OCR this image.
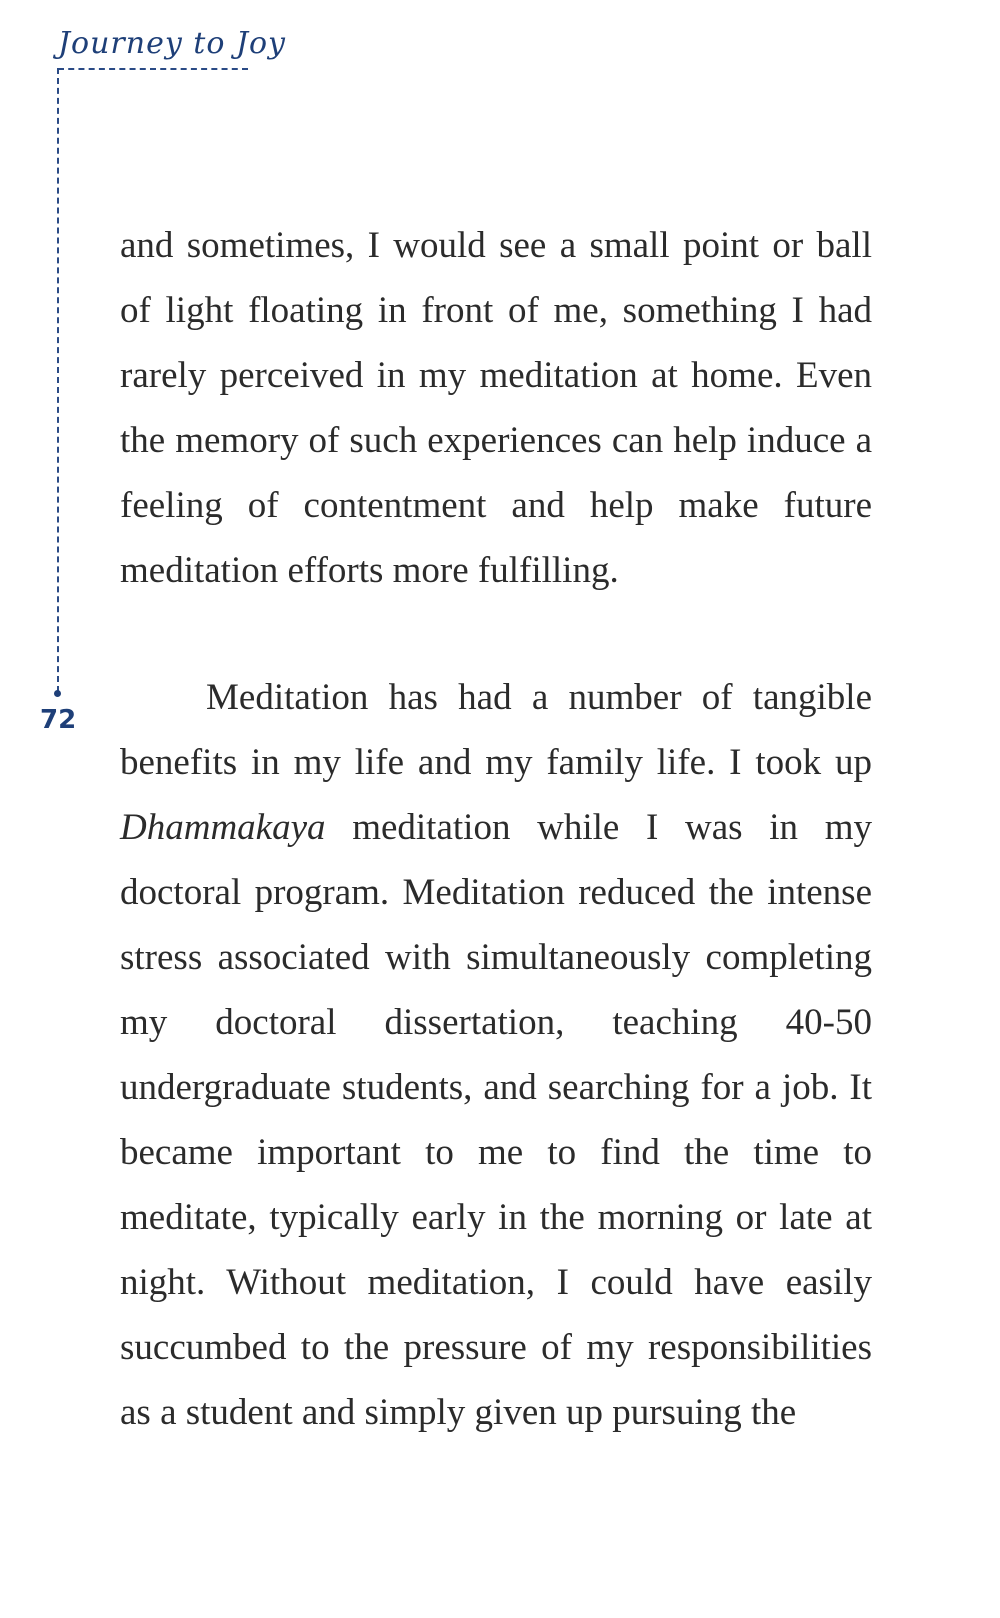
Journey to Joy
72

and sometimes, I would see a small point or ball of light floating in front of me, something I had rarely perceived in my meditation at home. Even the memory of such experiences can help induce a feeling of contentment and help make future meditation efforts more fulfilling.

Meditation has had a number of tangible benefits in my life and my family life. I took up Dhammakaya meditation while I was in my doctoral program. Meditation reduced the intense stress associated with simultaneously completing my doctoral dissertation, teaching 40-50 undergraduate students, and searching for a job. It became important to me to find the time to meditate, typically early in the morning or late at night. Without meditation, I could have easily succumbed to the pressure of my responsibilities as a student and simply given up pursuing the
